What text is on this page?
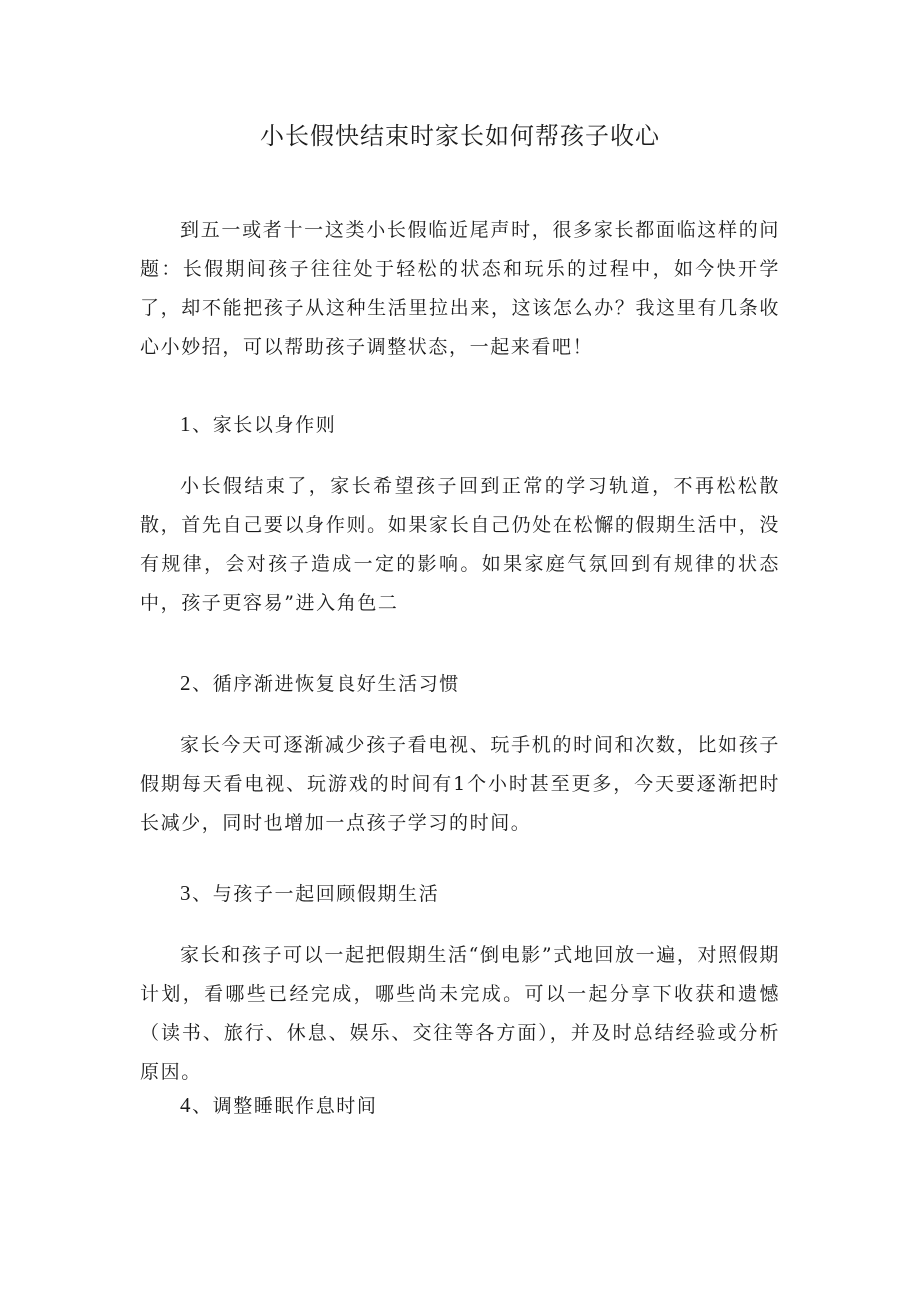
小长假快结束时家长如何帮孩子收心

到五一或者十一这类小长假临近尾声时，很多家长都面临这样的问题：长假期间孩子往往处于轻松的状态和玩乐的过程中，如今快开学了，却不能把孩子从这种生活里拉出来，这该怎么办？我这里有几条收心小妙招，可以帮助孩子调整状态，一起来看吧！

1、家长以身作则

小长假结束了，家长希望孩子回到正常的学习轨道，不再松松散散，首先自己要以身作则。如果家长自己仍处在松懈的假期生活中，没有规律，会对孩子造成一定的影响。如果家庭气氛回到有规律的状态中，孩子更容易”进入角色二

2、循序渐进恢复良好生活习惯

家长今天可逐渐减少孩子看电视、玩手机的时间和次数，比如孩子假期每天看电视、玩游戏的时间有1个小时甚至更多，今天要逐渐把时长减少，同时也增加一点孩子学习的时间。

3、与孩子一起回顾假期生活

家长和孩子可以一起把假期生活“倒电影”式地回放一遍，对照假期计划，看哪些已经完成，哪些尚未完成。可以一起分享下收获和遗憾（读书、旅行、休息、娱乐、交往等各方面），并及时总结经验或分析原因。

4、调整睡眠作息时间
